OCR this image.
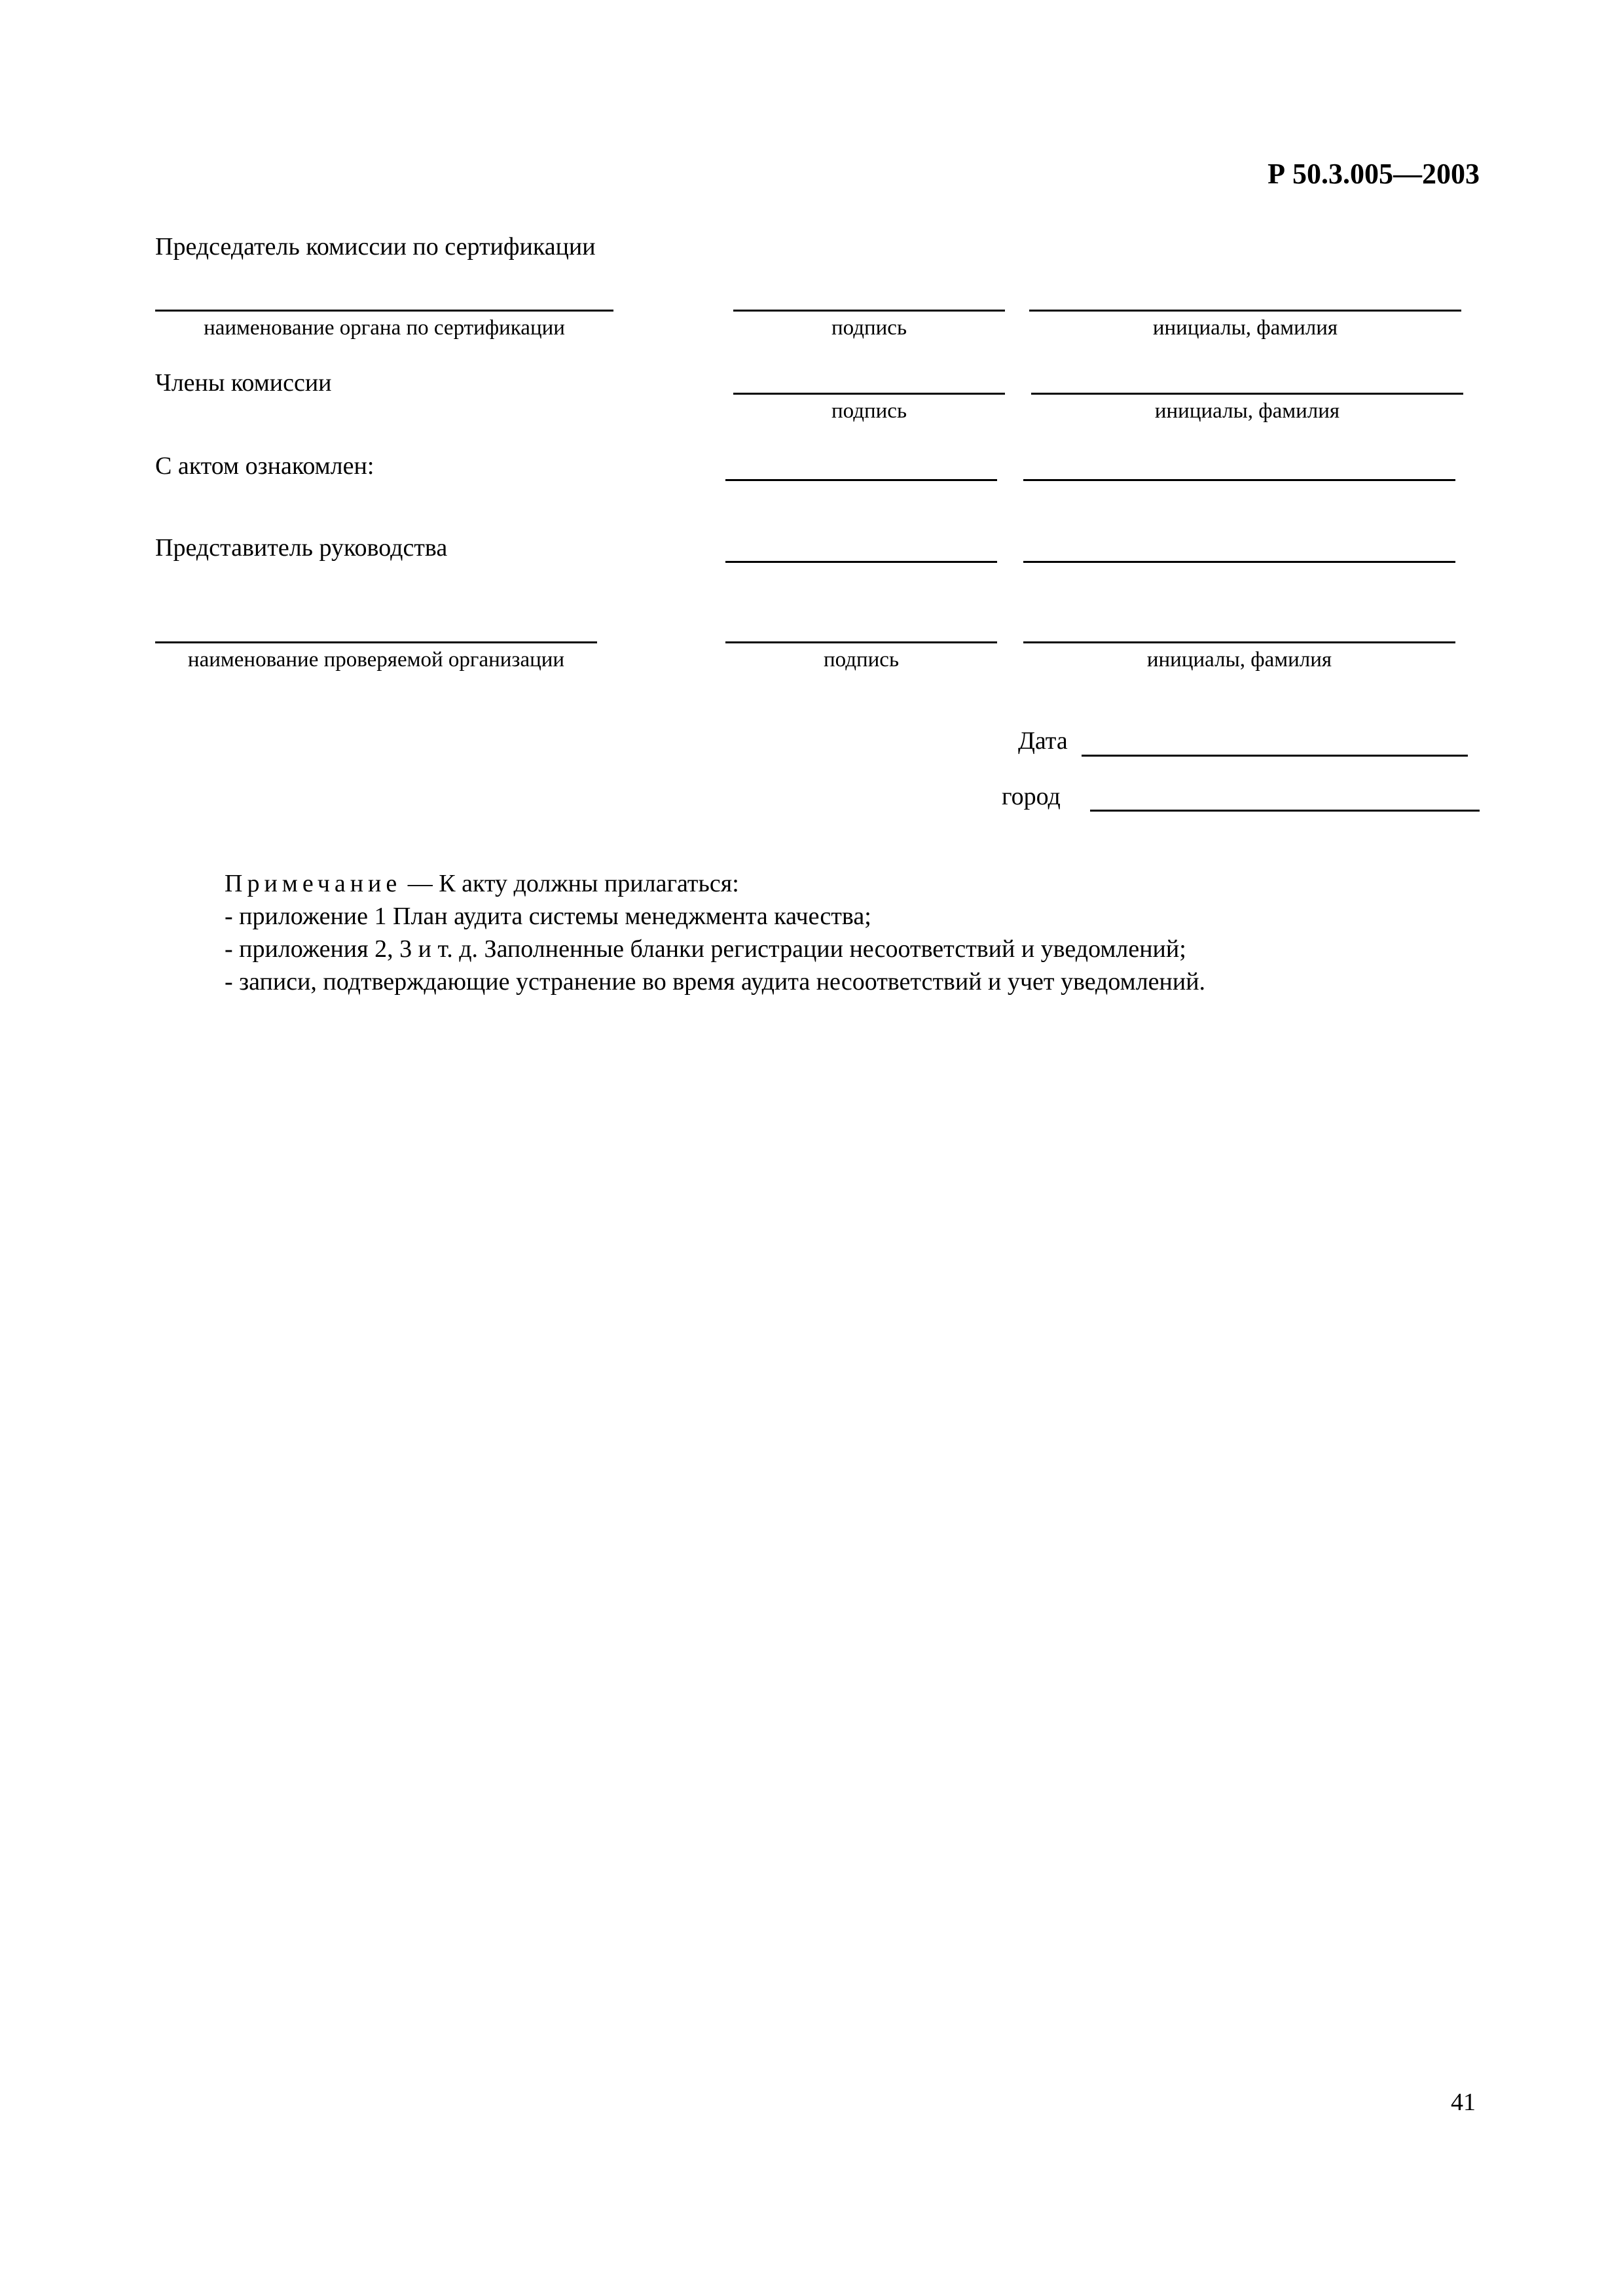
Р 50.3.005—2003
Председатель комиссии по сертификации
наименование органа по сертификации	подпись	инициалы, фамилия
Члены комиссии
подпись	инициалы, фамилия
С актом ознакомлен:
Представитель руководства
наименование проверяемой организации	подпись	инициалы, фамилия
Дата
город
Примечание — К акту должны прилагаться:
- приложение 1 План аудита системы менеджмента качества;
- приложения 2, 3 и т. д. Заполненные бланки регистрации несоответствий и уведомлений;
- записи, подтверждающие устранение во время аудита несоответствий и учет уведомлений.
41
